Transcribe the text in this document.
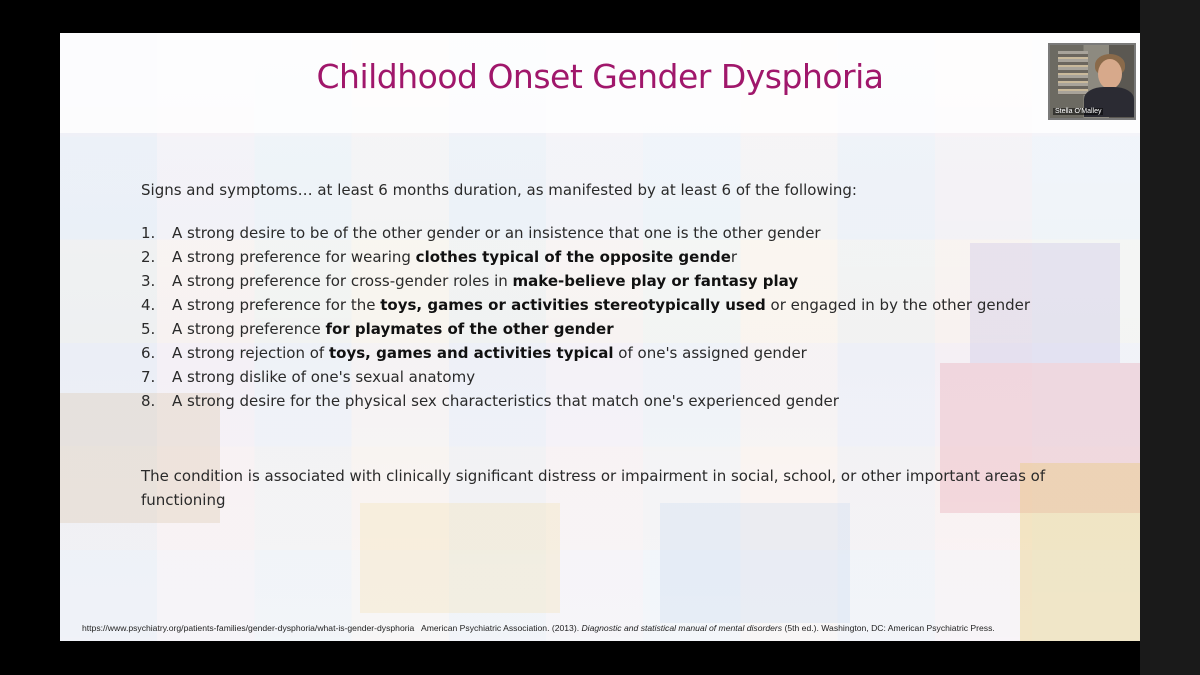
Childhood Onset Gender Dysphoria

Signs and symptoms… at least 6 months duration, as manifested by at least 6 of the following:

1.	A strong desire to be of the other gender or an insistence that one is the other gender
2.	A strong preference for wearing clothes typical of the opposite gender
3.	A strong preference for cross-gender roles in make-believe play or fantasy play
4.	A strong preference for the toys, games or activities stereotypically used or engaged in by the other gender
5.	A strong preference for playmates of the other gender
6.	A strong rejection of toys, games and activities typical of one's assigned gender
7.	A strong dislike of one's sexual anatomy
8.	A strong desire for the physical sex characteristics that match one's experienced gender
The condition is associated with clinically significant distress or impairment in social, school, or other important areas of functioning
https://www.psychiatry.org/patients-families/gender-dysphoria/what-is-gender-dysphoria American Psychiatric Association. (2013). Diagnostic and statistical manual of mental disorders (5th ed.). Washington, DC: American Psychiatric Press.
Stella O'Malley
